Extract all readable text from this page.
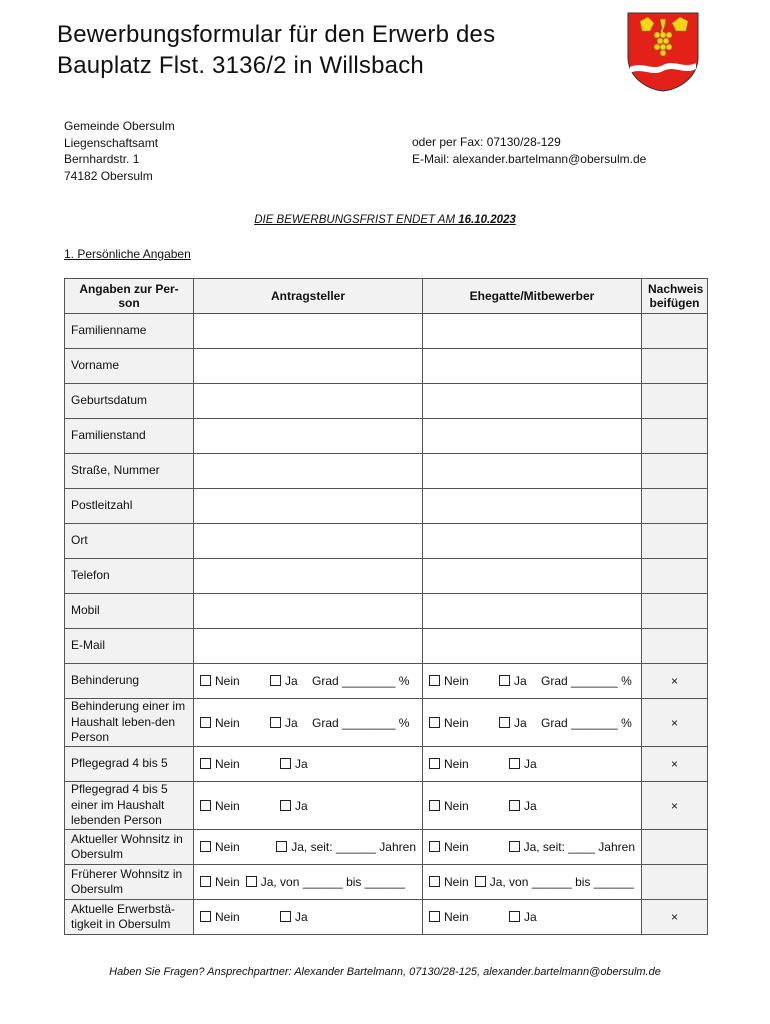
Bewerbungsformular für den Erwerb des
Bauplatz Flst. 3136/2 in Willsbach
Gemeinde Obersulm
Liegenschaftsamt
Bernhardstr. 1
74182 Obersulm
oder per Fax: 07130/28-129
E-Mail: alexander.bartelmann@obersulm.de
DIE BEWERBUNGSFRIST ENDET AM 16.10.2023
1. Persönliche Angaben
Angaben zur Per-son	Antragsteller	Ehegatte/Mitbewerber	Nachweis beifügen
Familienname			
Vorname			
Geburtsdatum			
Familienstand			
Straße, Nummer			
Postleitzahl			
Ort			
Telefon			
Mobil			
E-Mail			
Behinderung	Nein Ja Grad ________ %	Nein Ja Grad _______ %	×
Behinderung einer im Haushalt leben-den Person	Nein Ja Grad ________ %	Nein Ja Grad _______ %	×
Pflegegrad 4 bis 5	Nein Ja	Nein Ja	×
Pflegegrad 4 bis 5 einer im Haushalt lebenden Person	Nein Ja	Nein Ja	×
Aktueller Wohnsitz in Obersulm	Nein Ja, seit: ______ Jahren	Nein Ja, seit: ____ Jahren	

Früherer Wohnsitz in Obersulm	Nein Ja, von ______ bis ______	Nein Ja, von ______ bis ______	

Aktuelle Erwerbstä-tigkeit in Obersulm	Nein Ja	Nein Ja	×
Haben Sie Fragen? Ansprechpartner: Alexander Bartelmann, 07130/28-125, alexander.bartelmann@obersulm.de
